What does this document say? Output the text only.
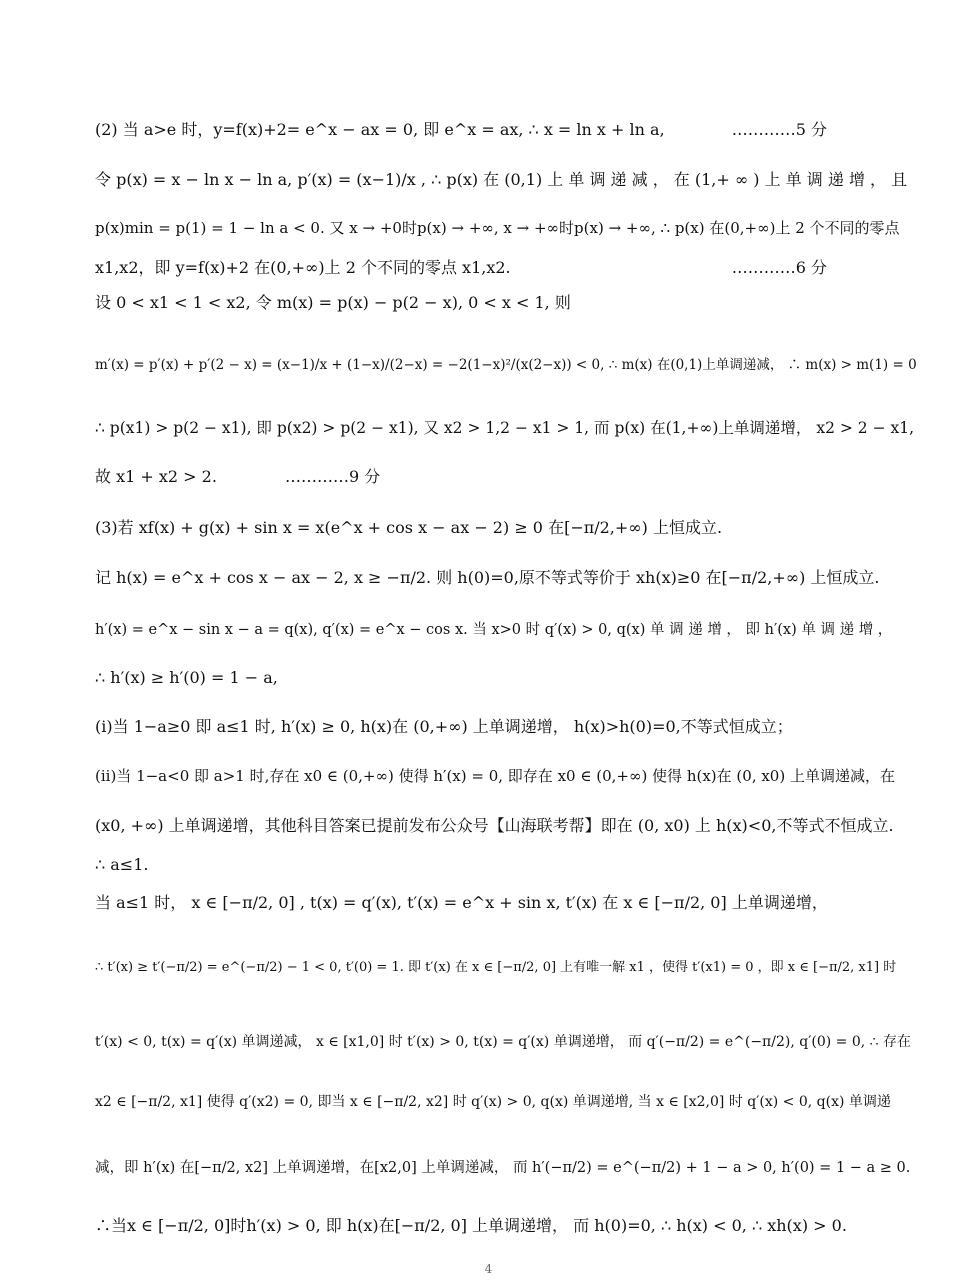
(2) 当 a>e 时，y=f(x)+2= e^x − ax = 0, 即 e^x = ax, ∴ x = ln x + ln a,	…………5 分
令 p(x) = x − ln x − ln a, p′(x) = (x−1)/x , ∴ p(x) 在 (0,1) 上 单 调 递 减 ， 在 (1,+ ∞ ) 上 单 调 递 增 ， 且
p(x)min = p(1) = 1 − ln a < 0. 又 x → +0时p(x) → +∞, x → +∞时p(x) → +∞, ∴ p(x) 在(0,+∞)上 2 个不同的零点
x1,x2，即 y=f(x)+2 在(0,+∞)上 2 个不同的零点 x1,x2.	…………6 分
设 0 < x1 < 1 < x2, 令 m(x) = p(x) − p(2 − x), 0 < x < 1, 则
m′(x) = p′(x) + p′(2 − x) = (x−1)/x + (1−x)/(2−x) = −2(1−x)²/(x(2−x)) < 0, ∴ m(x) 在(0,1)上单调递减， ∴ m(x) > m(1) = 0
∴ p(x1) > p(2 − x1), 即 p(x2) > p(2 − x1), 又 x2 > 1,2 − x1 > 1, 而 p(x) 在(1,+∞)上单调递增， x2 > 2 − x1,
故 x1 + x2 > 2.	…………9 分
(3)若 xf(x) + g(x) + sin x = x(e^x + cos x − ax − 2) ≥ 0 在[−π/2,+∞) 上恒成立.
记 h(x) = e^x + cos x − ax − 2, x ≥ −π/2. 则 h(0)=0,原不等式等价于 xh(x)≥0 在[−π/2,+∞) 上恒成立.
h′(x) = e^x − sin x − a = q(x), q′(x) = e^x − cos x. 当 x>0 时 q′(x) > 0, q(x) 单 调 递 增 ， 即 h′(x) 单 调 递 增 ，
∴ h′(x) ≥ h′(0) = 1 − a,
(i)当 1−a≥0 即 a≤1 时, h′(x) ≥ 0, h(x)在 (0,+∞) 上单调递增， h(x)>h(0)=0,不等式恒成立；
(ii)当 1−a<0 即 a>1 时,存在 x0 ∈ (0,+∞) 使得 h′(x) = 0, 即存在 x0 ∈ (0,+∞) 使得 h(x)在 (0, x0) 上单调递减，在
(x0, +∞) 上单调递增，其他科目答案已提前发布公众号【山海联考帮】即在 (0, x0) 上 h(x)<0,不等式不恒成立.
∴ a≤1.
当 a≤1 时， x ∈ [−π/2, 0] , t(x) = q′(x), t′(x) = e^x + sin x, t′(x) 在 x ∈ [−π/2, 0] 上单调递增，
∴ t′(x) ≥ t′(−π/2) = e^(−π/2) − 1 < 0, t′(0) = 1. 即 t′(x) 在 x ∈ [−π/2, 0] 上有唯一解 x1 ，使得 t′(x1) = 0 ，即 x ∈ [−π/2, x1] 时
t′(x) < 0, t(x) = q′(x) 单调递减， x ∈ [x1,0] 时 t′(x) > 0, t(x) = q′(x) 单调递增， 而 q′(−π/2) = e^(−π/2), q′(0) = 0, ∴ 存在
x2 ∈ [−π/2, x1] 使得 q′(x2) = 0, 即当 x ∈ [−π/2, x2] 时 q′(x) > 0, q(x) 单调递增, 当 x ∈ [x2,0] 时 q′(x) < 0, q(x) 单调递
减，即 h′(x) 在[−π/2, x2] 上单调递增，在[x2,0] 上单调递减， 而 h′(−π/2) = e^(−π/2) + 1 − a > 0, h′(0) = 1 − a ≥ 0.
∴当x ∈ [−π/2, 0]时h′(x) > 0, 即 h(x)在[−π/2, 0] 上单调递增， 而 h(0)=0, ∴ h(x) < 0, ∴ xh(x) > 0.
4
